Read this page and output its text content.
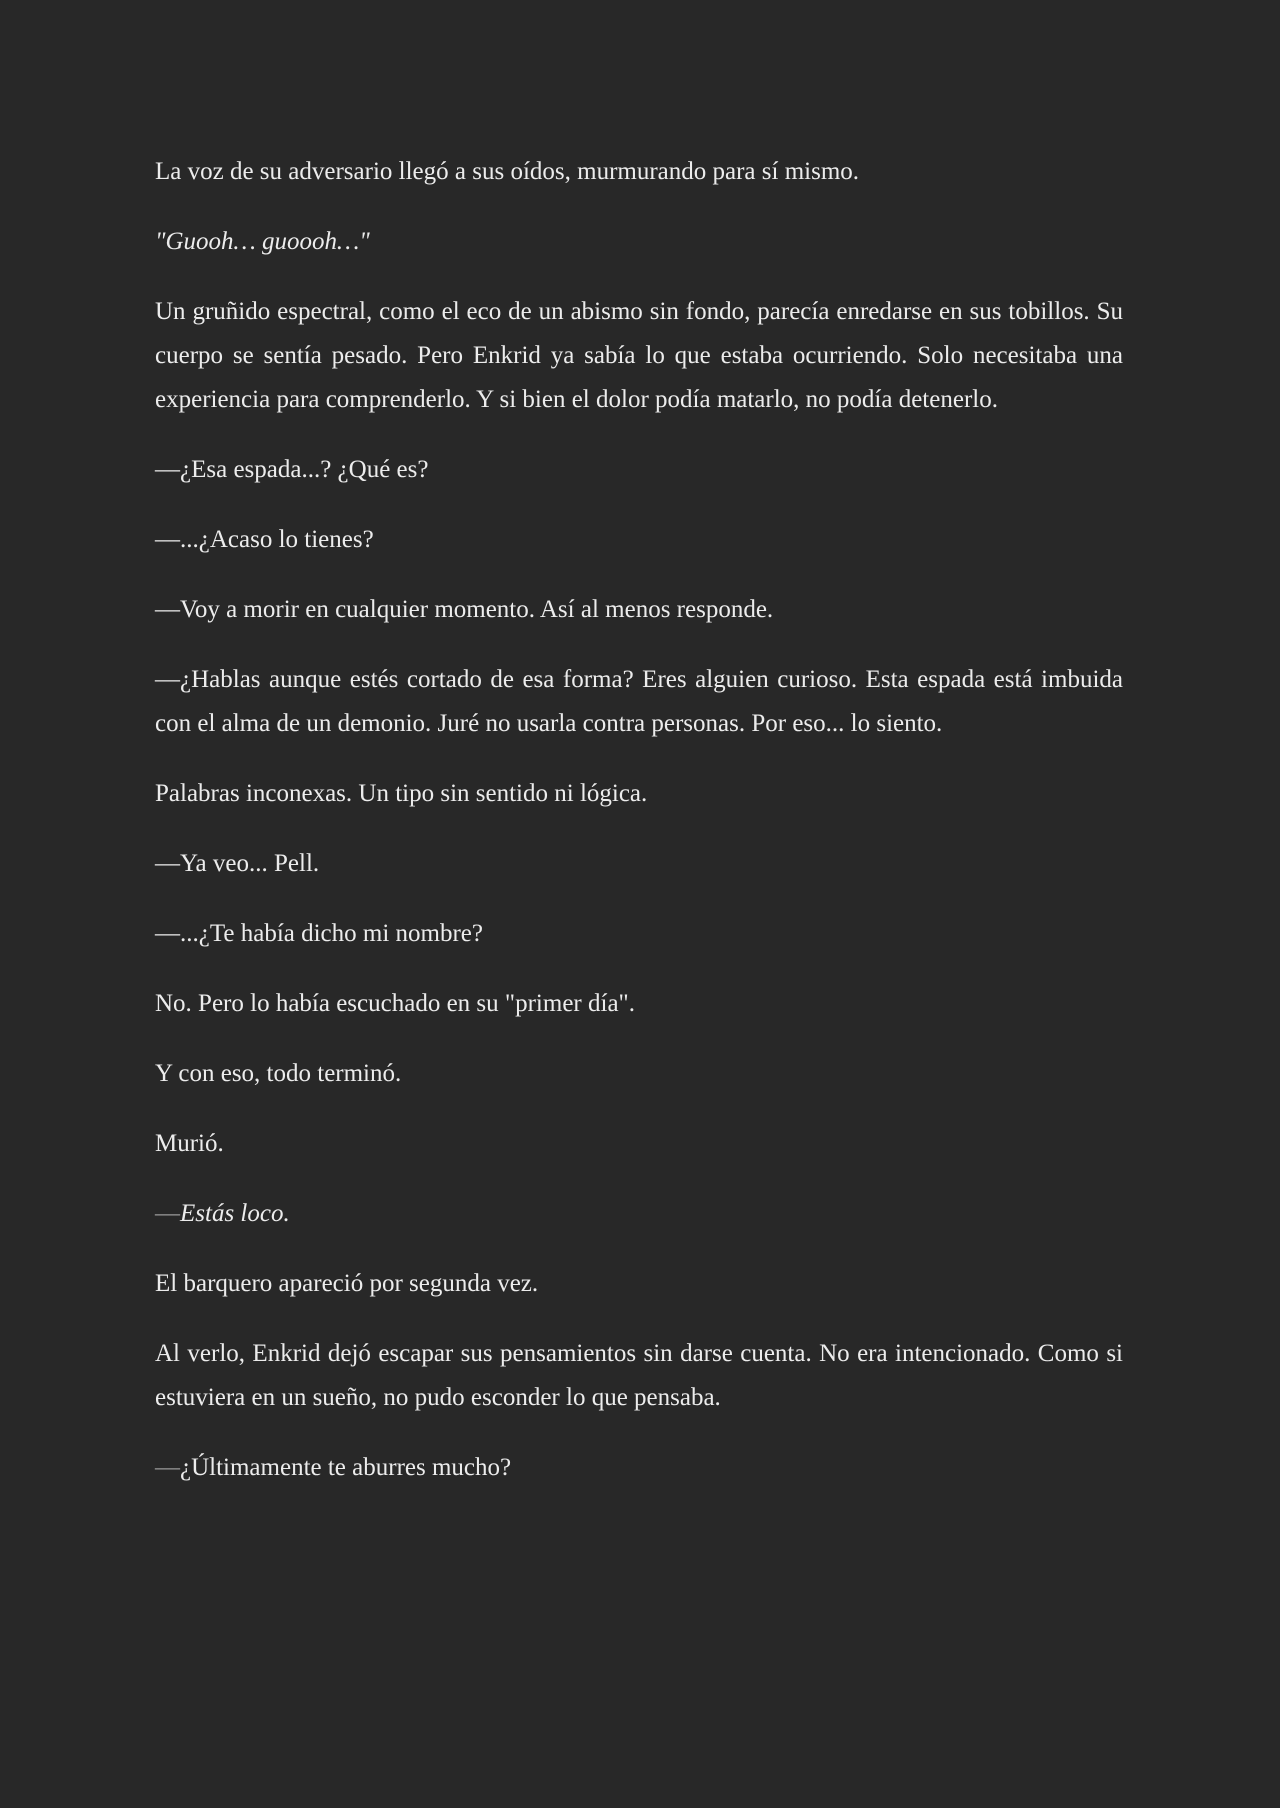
La voz de su adversario llegó a sus oídos, murmurando para sí mismo.

"Guooh… guoooh…"

Un gruñido espectral, como el eco de un abismo sin fondo, parecía enredarse en sus tobillos. Su cuerpo se sentía pesado. Pero Enkrid ya sabía lo que estaba ocurriendo. Solo necesitaba una experiencia para comprenderlo. Y si bien el dolor podía matarlo, no podía detenerlo.

—¿Esa espada...? ¿Qué es?

—...¿Acaso lo tienes?

—Voy a morir en cualquier momento. Así al menos responde.

—¿Hablas aunque estés cortado de esa forma? Eres alguien curioso. Esta espada está imbuida con el alma de un demonio. Juré no usarla contra personas. Por eso... lo siento.

Palabras inconexas. Un tipo sin sentido ni lógica.

—Ya veo... Pell.

—...¿Te había dicho mi nombre?

No. Pero lo había escuchado en su "primer día".

Y con eso, todo terminó.

Murió.

—Estás loco.

El barquero apareció por segunda vez.

Al verlo, Enkrid dejó escapar sus pensamientos sin darse cuenta. No era intencionado. Como si estuviera en un sueño, no pudo esconder lo que pensaba.

—¿Últimamente te aburres mucho?
